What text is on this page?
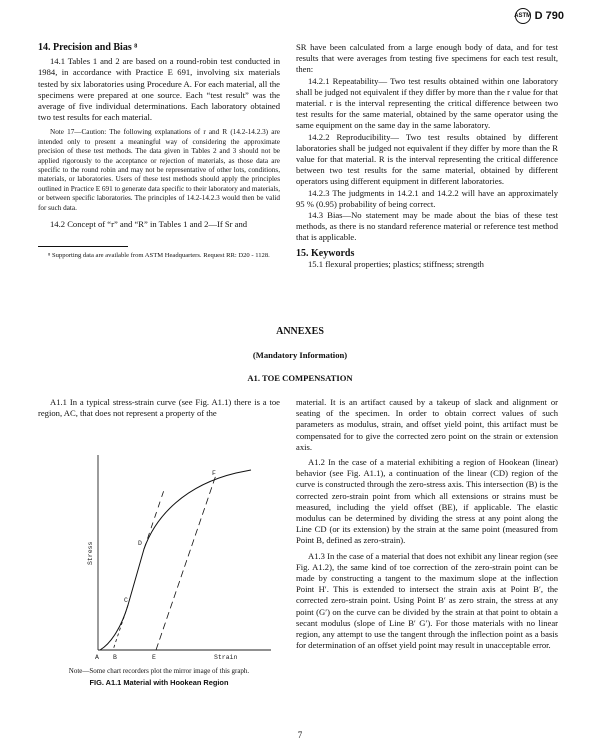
ASTM D 790

14. Precision and Bias ⁸

14.1 Tables 1 and 2 are based on a round-robin test conducted in 1984, in accordance with Practice E 691, involving six materials tested by six laboratories using Procedure A. For each material, all the specimens were prepared at one source. Each “test result” was the average of five individual determinations. Each laboratory obtained two test results for each material.

Note 17—Caution: The following explanations of r and R (14.2-14.2.3) are intended only to present a meaningful way of considering the approximate precision of these test methods. The data given in Tables 2 and 3 should not be applied rigorously to the acceptance or rejection of materials, as those data are specific to the round robin and may not be representative of other lots, conditions, materials, or laboratories. Users of these test methods should apply the principles outlined in Practice E 691 to generate data specific to their laboratory and materials, or between specific laboratories. The principles of 14.2-14.2.3 would then be valid for such data.

14.2 Concept of “r” and “R” in Tables 1 and 2—If Sr and

⁸ Supporting data are available from ASTM Headquarters. Request RR: D20 - 1128.

SR have been calculated from a large enough body of data, and for test results that were averages from testing five specimens for each test result, then:

14.2.1 Repeatability— Two test results obtained within one laboratory shall be judged not equivalent if they differ by more than the r value for that material. r is the interval representing the critical difference between two test results for the same material, obtained by the same operator using the same equipment on the same day in the same laboratory.

14.2.2 Reproducibility— Two test results obtained by different laboratories shall be judged not equivalent if they differ by more than the R value for that material. R is the interval representing the critical difference between two test results for the same material, obtained by different operators using different equipment in different laboratories.

14.2.3 The judgments in 14.2.1 and 14.2.2 will have an approximately 95 % (0.95) probability of being correct.

14.3 Bias—No statement may be made about the bias of these test methods, as there is no standard reference material or reference test method that is applicable.

15. Keywords

15.1 flexural properties; plastics; stiffness; strength

ANNEXES
(Mandatory Information)
A1. TOE COMPENSATION

A1.1 In a typical stress-strain curve (see Fig. A1.1) there is a toe region, AC, that does not represent a property of the

A B	E
C
D
F
Strain
Stress
Note—Some chart recorders plot the mirror image of this graph.
FIG. A1.1 Material with Hookean Region

material. It is an artifact caused by a takeup of slack and alignment or seating of the specimen. In order to obtain correct values of such parameters as modulus, strain, and offset yield point, this artifact must be compensated for to give the corrected zero point on the strain or extension axis.

A1.2 In the case of a material exhibiting a region of Hookean (linear) behavior (see Fig. A1.1), a continuation of the linear (CD) region of the curve is constructed through the zero-stress axis. This intersection (B) is the corrected zero-strain point from which all extensions or strains must be measured, including the yield offset (BE), if applicable. The elastic modulus can be determined by dividing the stress at any point along the Line CD (or its extension) by the strain at the same point (measured from Point B, defined as zero-strain).

A1.3 In the case of a material that does not exhibit any linear region (see Fig. A1.2), the same kind of toe correction of the zero-strain point can be made by constructing a tangent to the maximum slope at the inflection Point H′. This is extended to intersect the strain axis at Point B′, the corrected zero-strain point. Using Point B′ as zero strain, the stress at any point (G′) on the curve can be divided by the strain at that point to obtain a secant modulus (slope of Line B′ G′). For those materials with no linear region, any attempt to use the tangent through the inflection point as a basis for determination of an offset yield point may result in unacceptable error.

7
